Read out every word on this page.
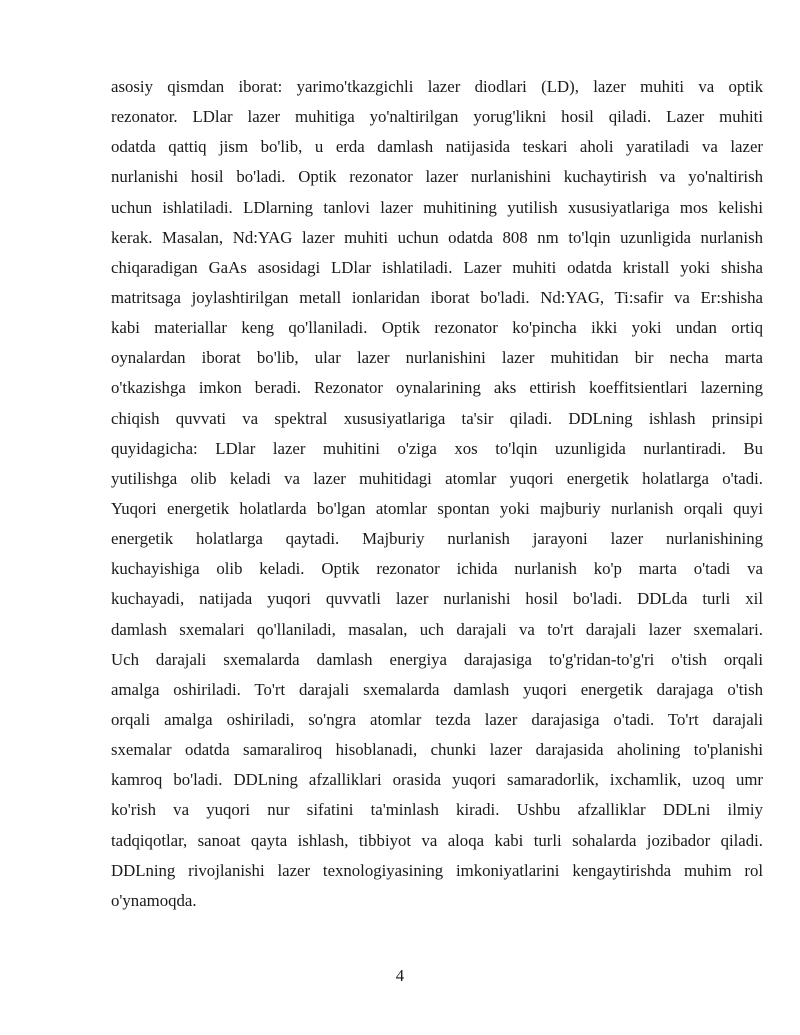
asosiy qismdan iborat: yarimo'tkazgichli lazer diodlari (LD), lazer muhiti va optik
rezonator. LDlar lazer muhitiga yo'naltirilgan yorug'likni hosil qiladi. Lazer muhiti
odatda qattiq jism bo'lib, u erda damlash natijasida teskari aholi yaratiladi va lazer
nurlanishi hosil bo'ladi. Optik rezonator lazer nurlanishini kuchaytirish va yo'naltirish
uchun ishlatiladi. LDlarning tanlovi lazer muhitining yutilish xususiyatlariga mos kelishi
kerak. Masalan, Nd:YAG lazer muhiti uchun odatda 808 nm to'lqin uzunligida nurlanish
chiqaradigan GaAs asosidagi LDlar ishlatiladi. Lazer muhiti odatda kristall yoki shisha
matritsaga joylashtirilgan metall ionlaridan iborat bo'ladi. Nd:YAG, Ti:safir va Er:shisha
kabi materiallar keng qo'llaniladi. Optik rezonator ko'pincha ikki yoki undan ortiq
oynalardan iborat bo'lib, ular lazer nurlanishini lazer muhitidan bir necha marta
o'tkazishga imkon beradi. Rezonator oynalarining aks ettirish koeffitsientlari lazerning
chiqish quvvati va spektral xususiyatlariga ta'sir qiladi. DDLning ishlash prinsipi
quyidagicha: LDlar lazer muhitini o'ziga xos to'lqin uzunligida nurlantiradi. Bu
yutilishga olib keladi va lazer muhitidagi atomlar yuqori energetik holatlarga o'tadi.
Yuqori energetik holatlarda bo'lgan atomlar spontan yoki majburiy nurlanish orqali quyi
energetik holatlarga qaytadi. Majburiy nurlanish jarayoni lazer nurlanishining
kuchayishiga olib keladi. Optik rezonator ichida nurlanish ko'p marta o'tadi va
kuchayadi, natijada yuqori quvvatli lazer nurlanishi hosil bo'ladi. DDLda turli xil
damlash sxemalari qo'llaniladi, masalan, uch darajali va to'rt darajali lazer sxemalari.
Uch darajali sxemalarda damlash energiya darajasiga to'g'ridan-to'g'ri o'tish orqali
amalga oshiriladi. To'rt darajali sxemalarda damlash yuqori energetik darajaga o'tish
orqali amalga oshiriladi, so'ngra atomlar tezda lazer darajasiga o'tadi. To'rt darajali
sxemalar odatda samaraliroq hisoblanadi, chunki lazer darajasida aholining to'planishi
kamroq bo'ladi. DDLning afzalliklari orasida yuqori samaradorlik, ixchamlik, uzoq umr
ko'rish va yuqori nur sifatini ta'minlash kiradi. Ushbu afzalliklar DDLni ilmiy
tadqiqotlar, sanoat qayta ishlash, tibbiyot va aloqa kabi turli sohalarda jozibador qiladi.
DDLning rivojlanishi lazer texnologiyasining imkoniyatlarini kengaytirishda muhim rol
o'ynamoqda.
4
